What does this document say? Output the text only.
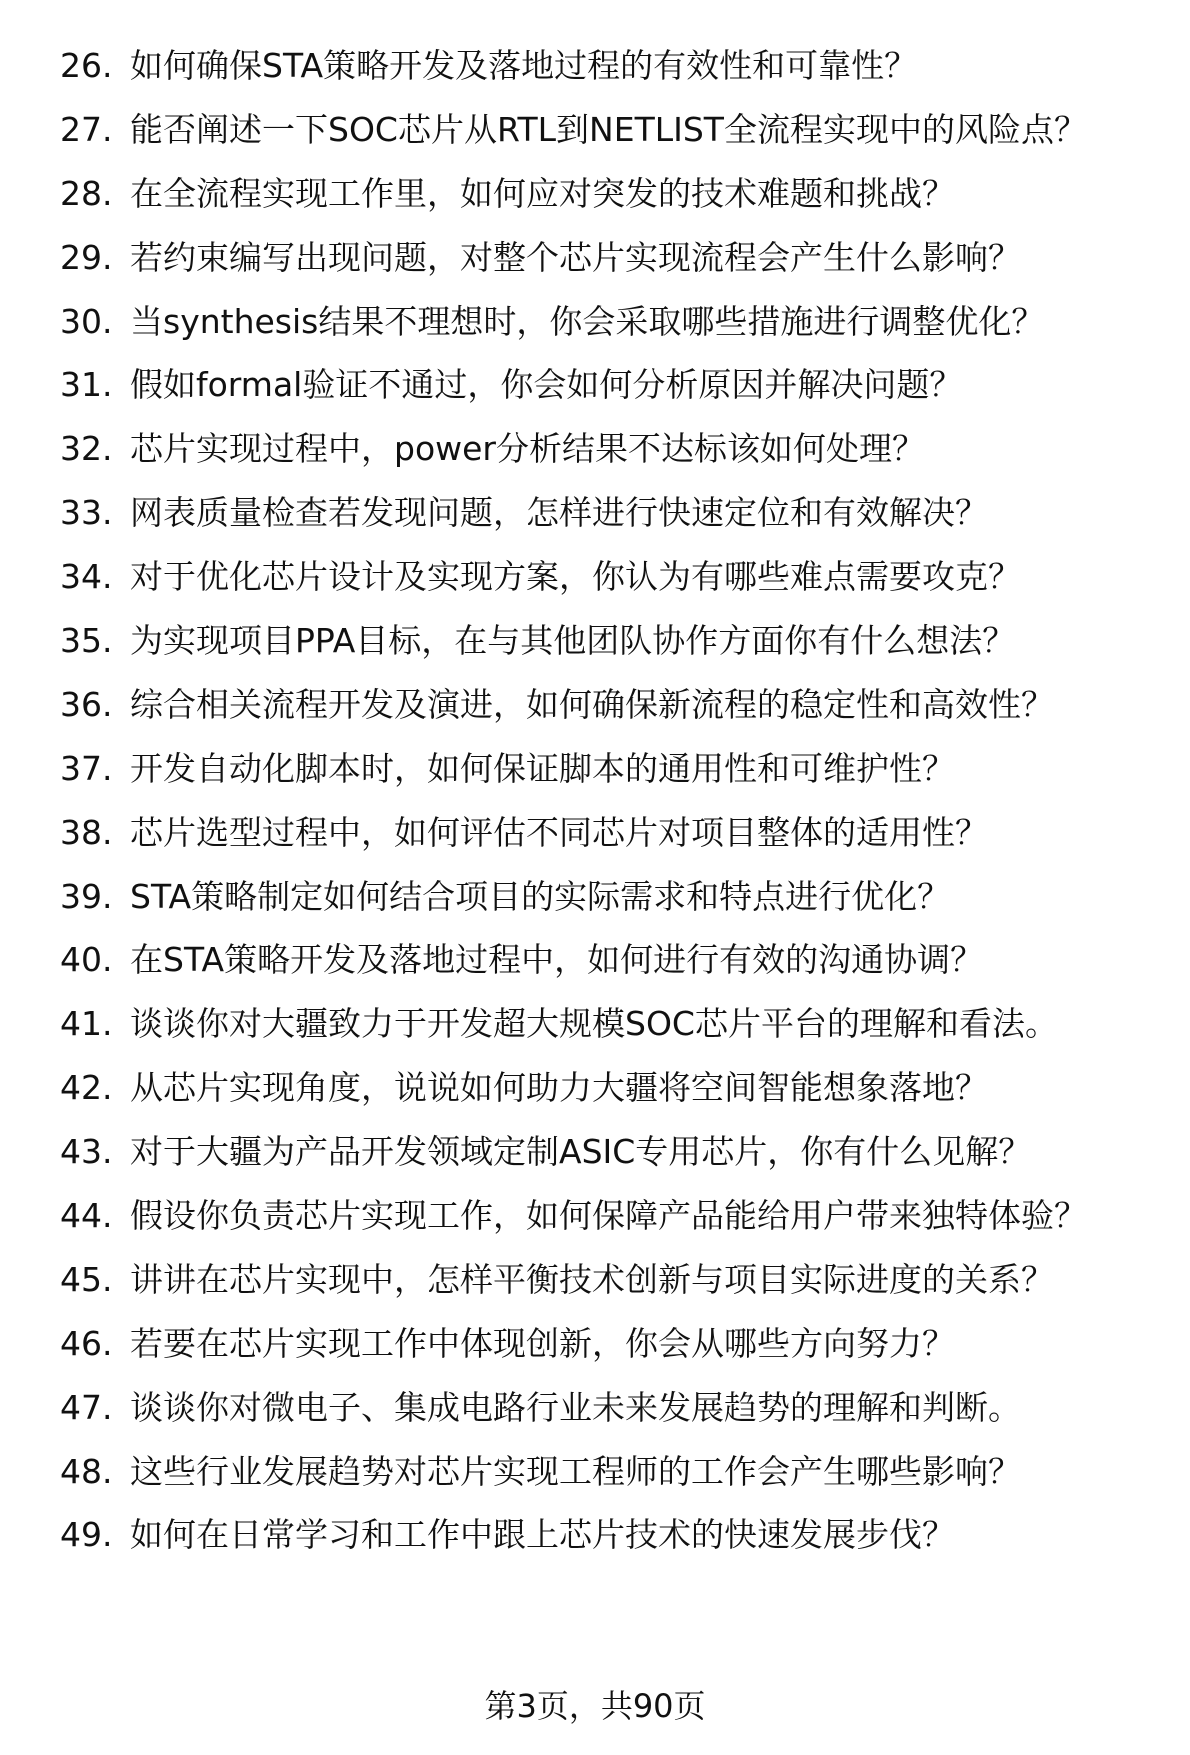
26. 如何确保STA策略开发及落地过程的有效性和可靠性？
27. 能否阐述一下SOC芯片从RTL到NETLIST全流程实现中的风险点？
28. 在全流程实现工作里，如何应对突发的技术难题和挑战？
29. 若约束编写出现问题，对整个芯片实现流程会产生什么影响？
30. 当synthesis结果不理想时，你会采取哪些措施进行调整优化？
31. 假如formal验证不通过，你会如何分析原因并解决问题？
32. 芯片实现过程中，power分析结果不达标该如何处理？
33. 网表质量检查若发现问题，怎样进行快速定位和有效解决？
34. 对于优化芯片设计及实现方案，你认为有哪些难点需要攻克？
35. 为实现项目PPA目标，在与其他团队协作方面你有什么想法？
36. 综合相关流程开发及演进，如何确保新流程的稳定性和高效性？
37. 开发自动化脚本时，如何保证脚本的通用性和可维护性？
38. 芯片选型过程中，如何评估不同芯片对项目整体的适用性？
39. STA策略制定如何结合项目的实际需求和特点进行优化？
40. 在STA策略开发及落地过程中，如何进行有效的沟通协调？
41. 谈谈你对大疆致力于开发超大规模SOC芯片平台的理解和看法。
42. 从芯片实现角度，说说如何助力大疆将空间智能想象落地？
43. 对于大疆为产品开发领域定制ASIC专用芯片，你有什么见解？
44. 假设你负责芯片实现工作，如何保障产品能给用户带来独特体验？
45. 讲讲在芯片实现中，怎样平衡技术创新与项目实际进度的关系？
46. 若要在芯片实现工作中体现创新，你会从哪些方向努力？
47. 谈谈你对微电子、集成电路行业未来发展趋势的理解和判断。
48. 这些行业发展趋势对芯片实现工程师的工作会产生哪些影响？
49. 如何在日常学习和工作中跟上芯片技术的快速发展步伐？
第3页，共90页
